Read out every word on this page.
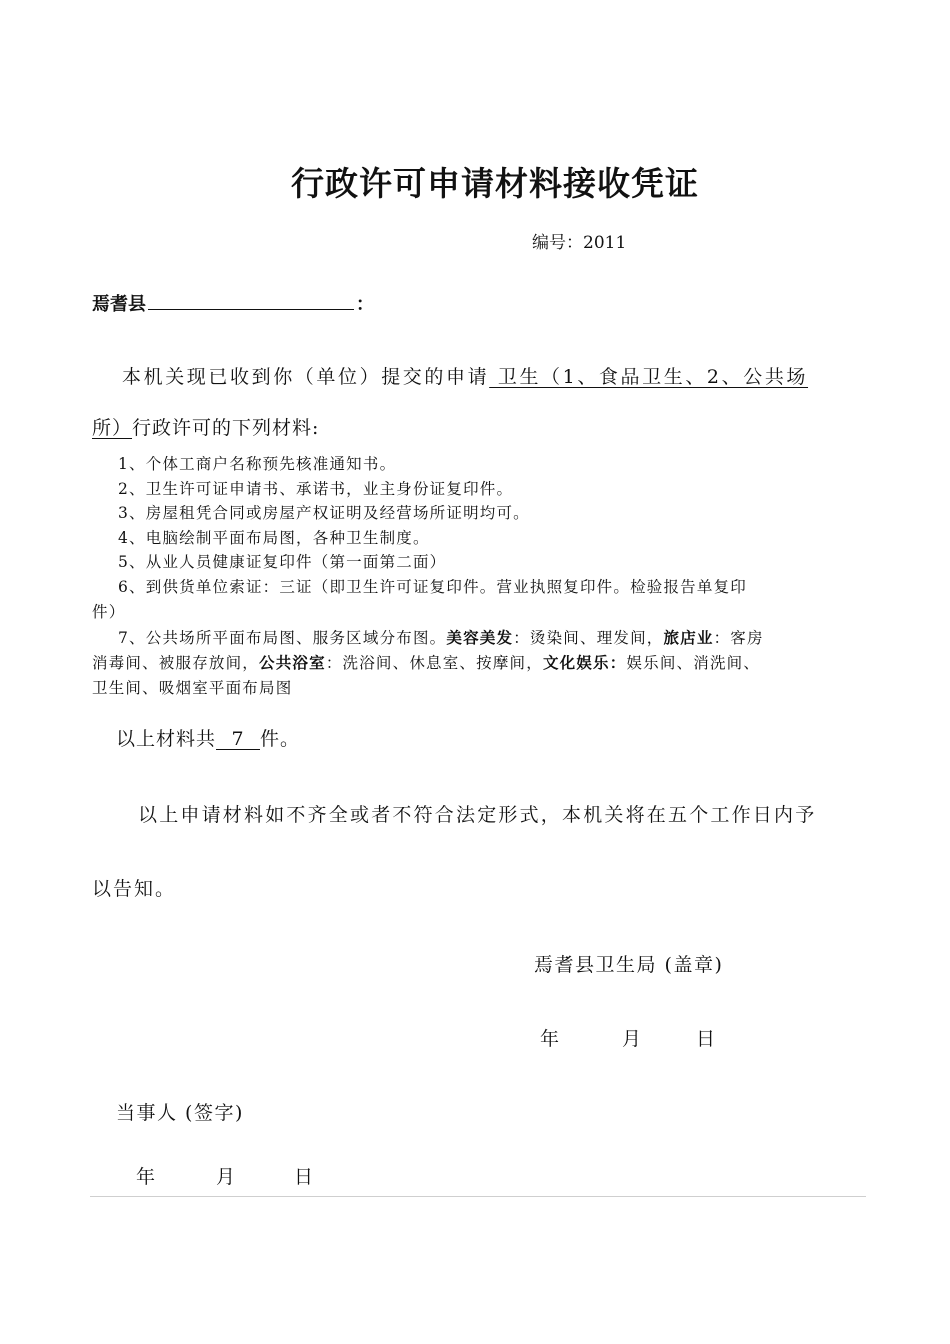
行政许可申请材料接收凭证
编号：2011
焉耆县	：
本机关现已收到你（单位）提交的申请 卫生（1、食品卫生、2、公共场
所）行政许可的下列材料:
1、个体工商户名称预先核准通知书。
2、卫生许可证申请书、承诺书，业主身份证复印件。
3、房屋租凭合同或房屋产权证明及经营场所证明均可。
4、电脑绘制平面布局图，各种卫生制度。
5、从业人员健康证复印件（第一面第二面）
6、到供货单位索证：三证（即卫生许可证复印件。营业执照复印件。检验报告单复印
件）
7、公共场所平面布局图、服务区域分布图。美容美发：烫染间、理发间，旅店业：客房
消毒间、被服存放间，公共浴室：洗浴间、休息室、按摩间，文化娱乐：娱乐间、消洗间、
卫生间、吸烟室平面布局图
以上材料共 7 件。
以上申请材料如不齐全或者不符合法定形式，本机关将在五个工作日内予
以告知。
焉耆县卫生局 (盖章)
年	月	日
当事人 (签字)
年	月	日
